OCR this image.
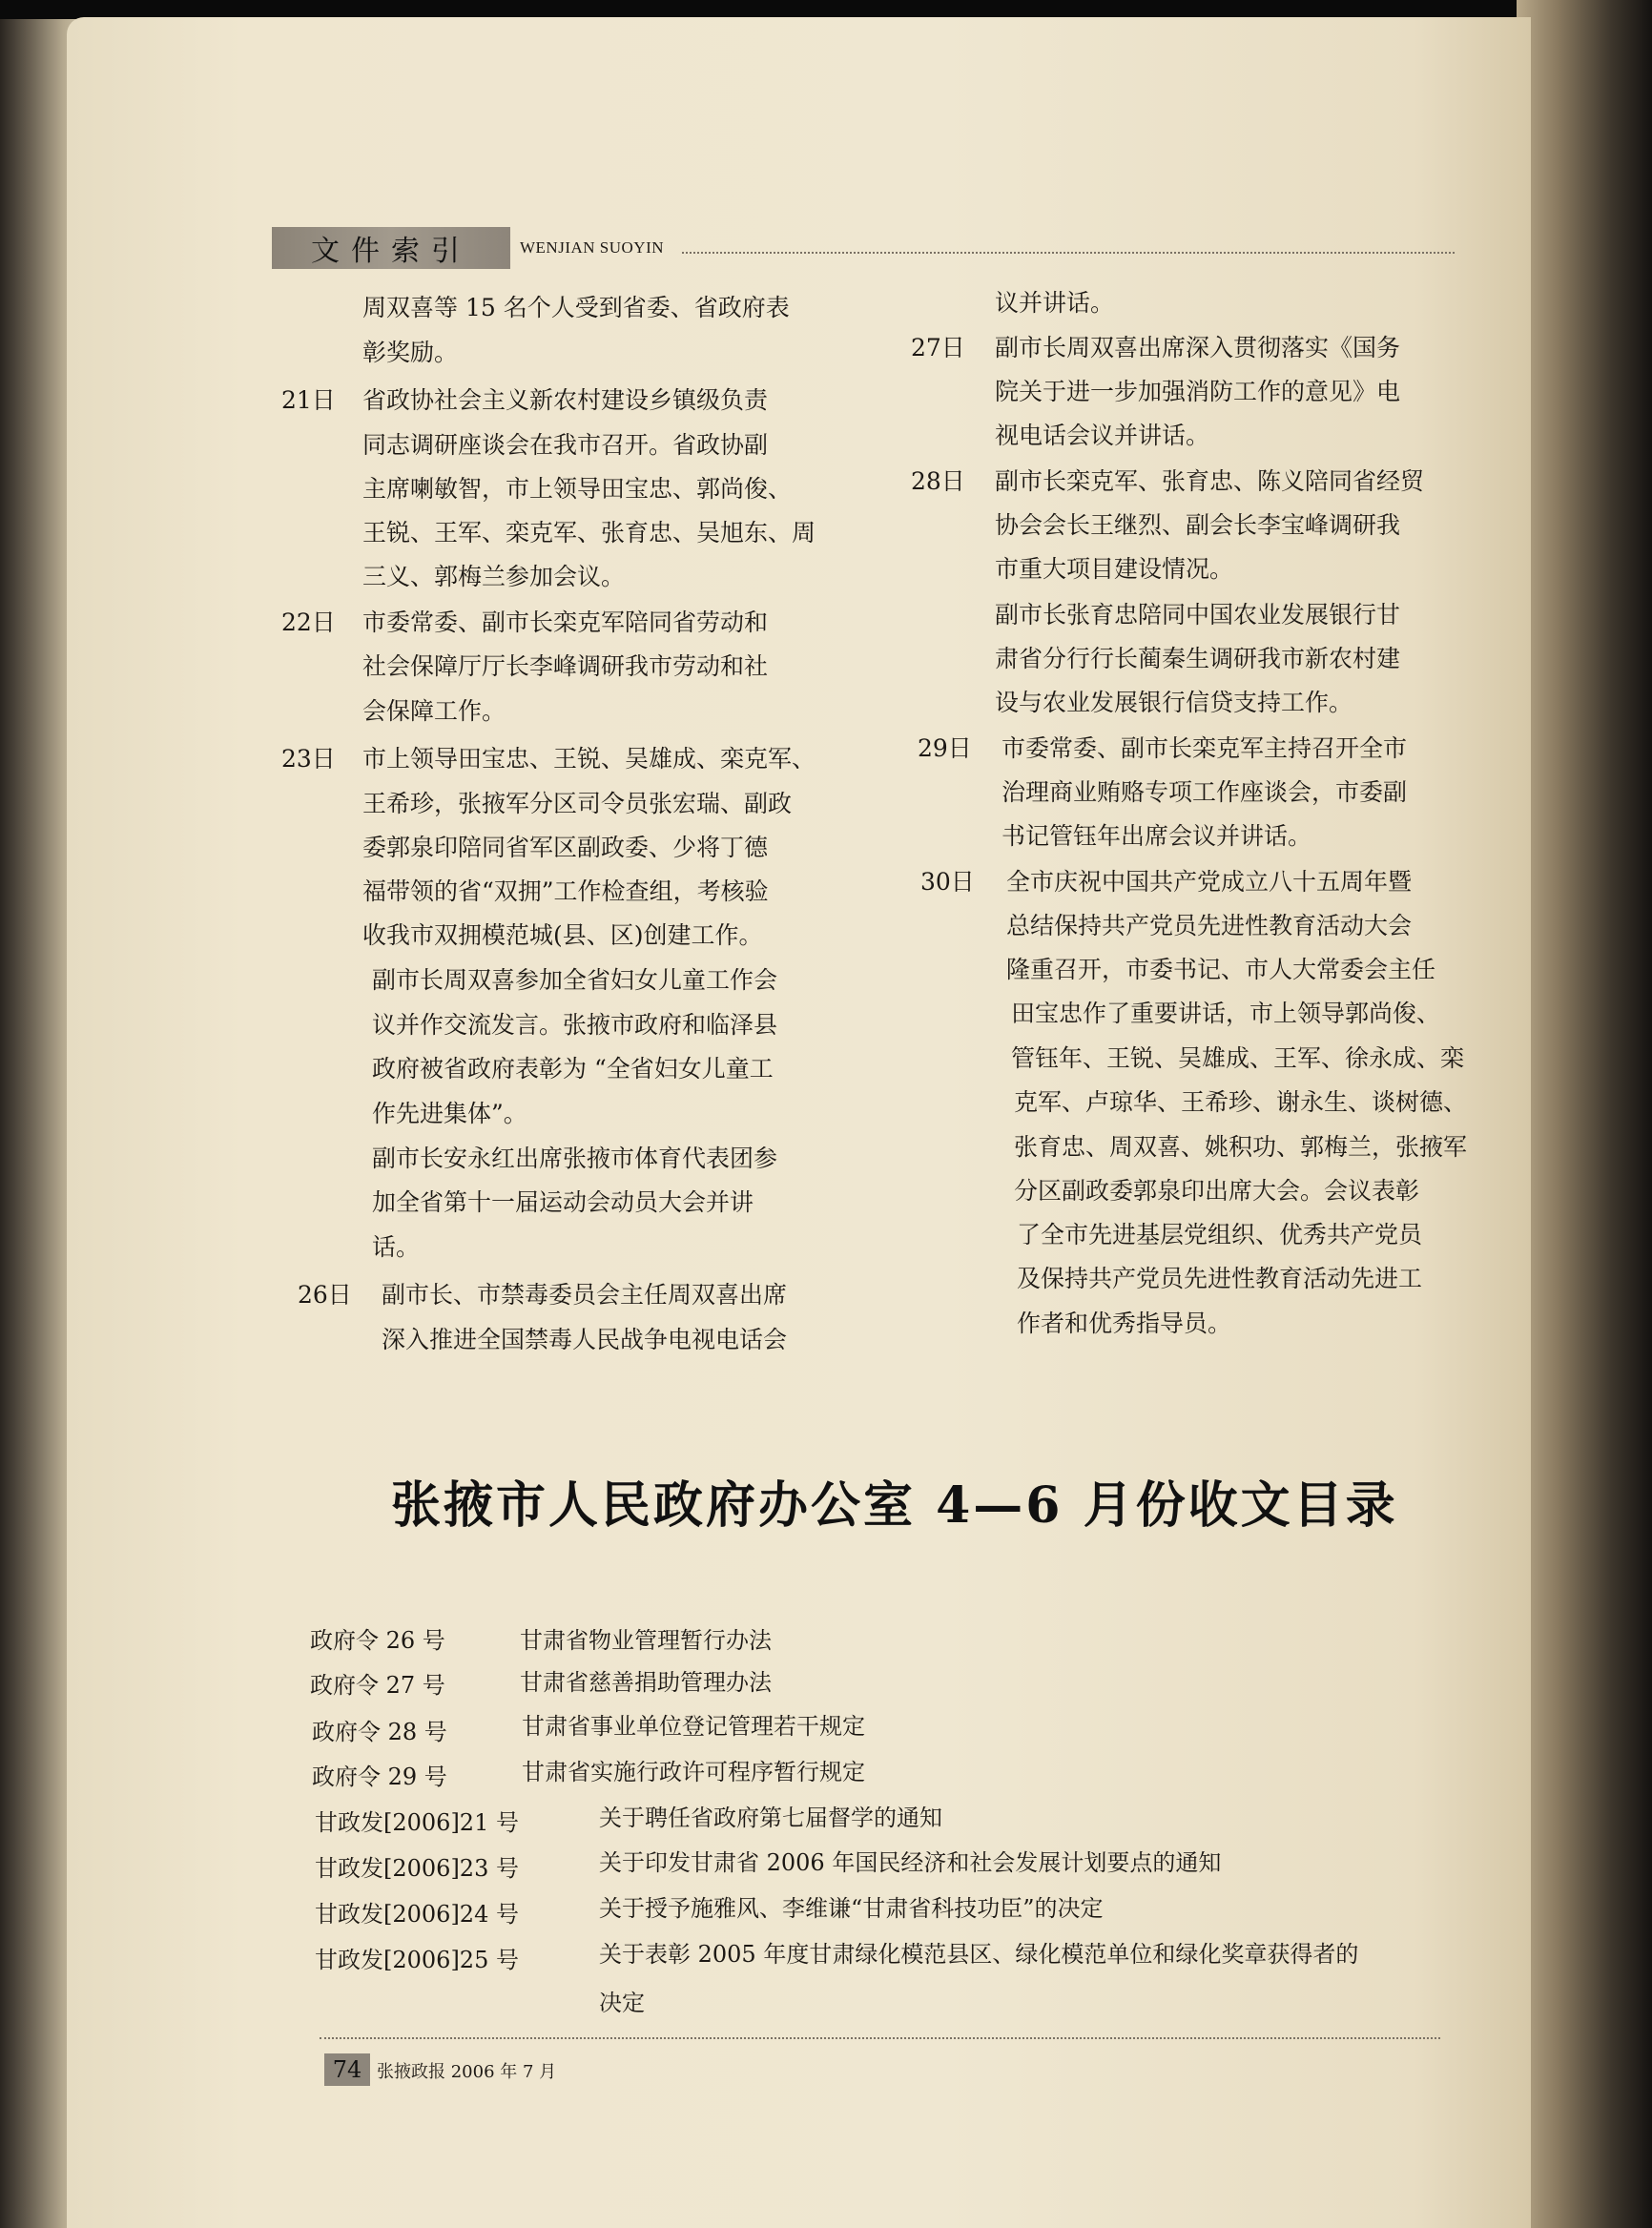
文件索引	WENJIAN SUOYIN
周双喜等 15 名个人受到省委、省政府表
彰奖励。
21日 省政协社会主义新农村建设乡镇级负责
同志调研座谈会在我市召开。省政协副
主席喇敏智，市上领导田宝忠、郭尚俊、
王锐、王军、栾克军、张育忠、吴旭东、周
三义、郭梅兰参加会议。
22日 市委常委、副市长栾克军陪同省劳动和
社会保障厅厅长李峰调研我市劳动和社
会保障工作。
23日 市上领导田宝忠、王锐、吴雄成、栾克军、
王希珍，张掖军分区司令员张宏瑞、副政
委郭泉印陪同省军区副政委、少将丁德
福带领的省“双拥”工作检查组，考核验
收我市双拥模范城(县、区)创建工作。
副市长周双喜参加全省妇女儿童工作会
议并作交流发言。张掖市政府和临泽县
政府被省政府表彰为 “全省妇女儿童工
作先进集体”。
副市长安永红出席张掖市体育代表团参
加全省第十一届运动会动员大会并讲
话。
26日 副市长、市禁毒委员会主任周双喜出席
深入推进全国禁毒人民战争电视电话会
议并讲话。
27日 副市长周双喜出席深入贯彻落实《国务
院关于进一步加强消防工作的意见》电
视电话会议并讲话。
28日 副市长栾克军、张育忠、陈义陪同省经贸
协会会长王继烈、副会长李宝峰调研我
市重大项目建设情况。
副市长张育忠陪同中国农业发展银行甘
肃省分行行长蔺秦生调研我市新农村建
设与农业发展银行信贷支持工作。
29日 市委常委、副市长栾克军主持召开全市
治理商业贿赂专项工作座谈会，市委副
书记管钰年出席会议并讲话。
30日 全市庆祝中国共产党成立八十五周年暨
总结保持共产党员先进性教育活动大会
隆重召开，市委书记、市人大常委会主任
田宝忠作了重要讲话，市上领导郭尚俊、
管钰年、王锐、吴雄成、王军、徐永成、栾
克军、卢琼华、王希珍、谢永生、谈树德、
张育忠、周双喜、姚积功、郭梅兰，张掖军
分区副政委郭泉印出席大会。会议表彰
了全市先进基层党组织、优秀共产党员
及保持共产党员先进性教育活动先进工
作者和优秀指导员。
张掖市人民政府办公室 4—6 月份收文目录
政府令 26 号	甘肃省物业管理暂行办法
政府令 27 号	甘肃省慈善捐助管理办法
政府令 28 号	甘肃省事业单位登记管理若干规定
政府令 29 号	甘肃省实施行政许可程序暂行规定
甘政发[2006]21 号	关于聘任省政府第七届督学的通知
甘政发[2006]23 号	关于印发甘肃省 2006 年国民经济和社会发展计划要点的通知
甘政发[2006]24 号	关于授予施雅风、李维谦“甘肃省科技功臣”的决定
甘政发[2006]25 号	关于表彰 2005 年度甘肃绿化模范县区、绿化模范单位和绿化奖章获得者的
决定
74 张掖政报 2006 年 7 月
